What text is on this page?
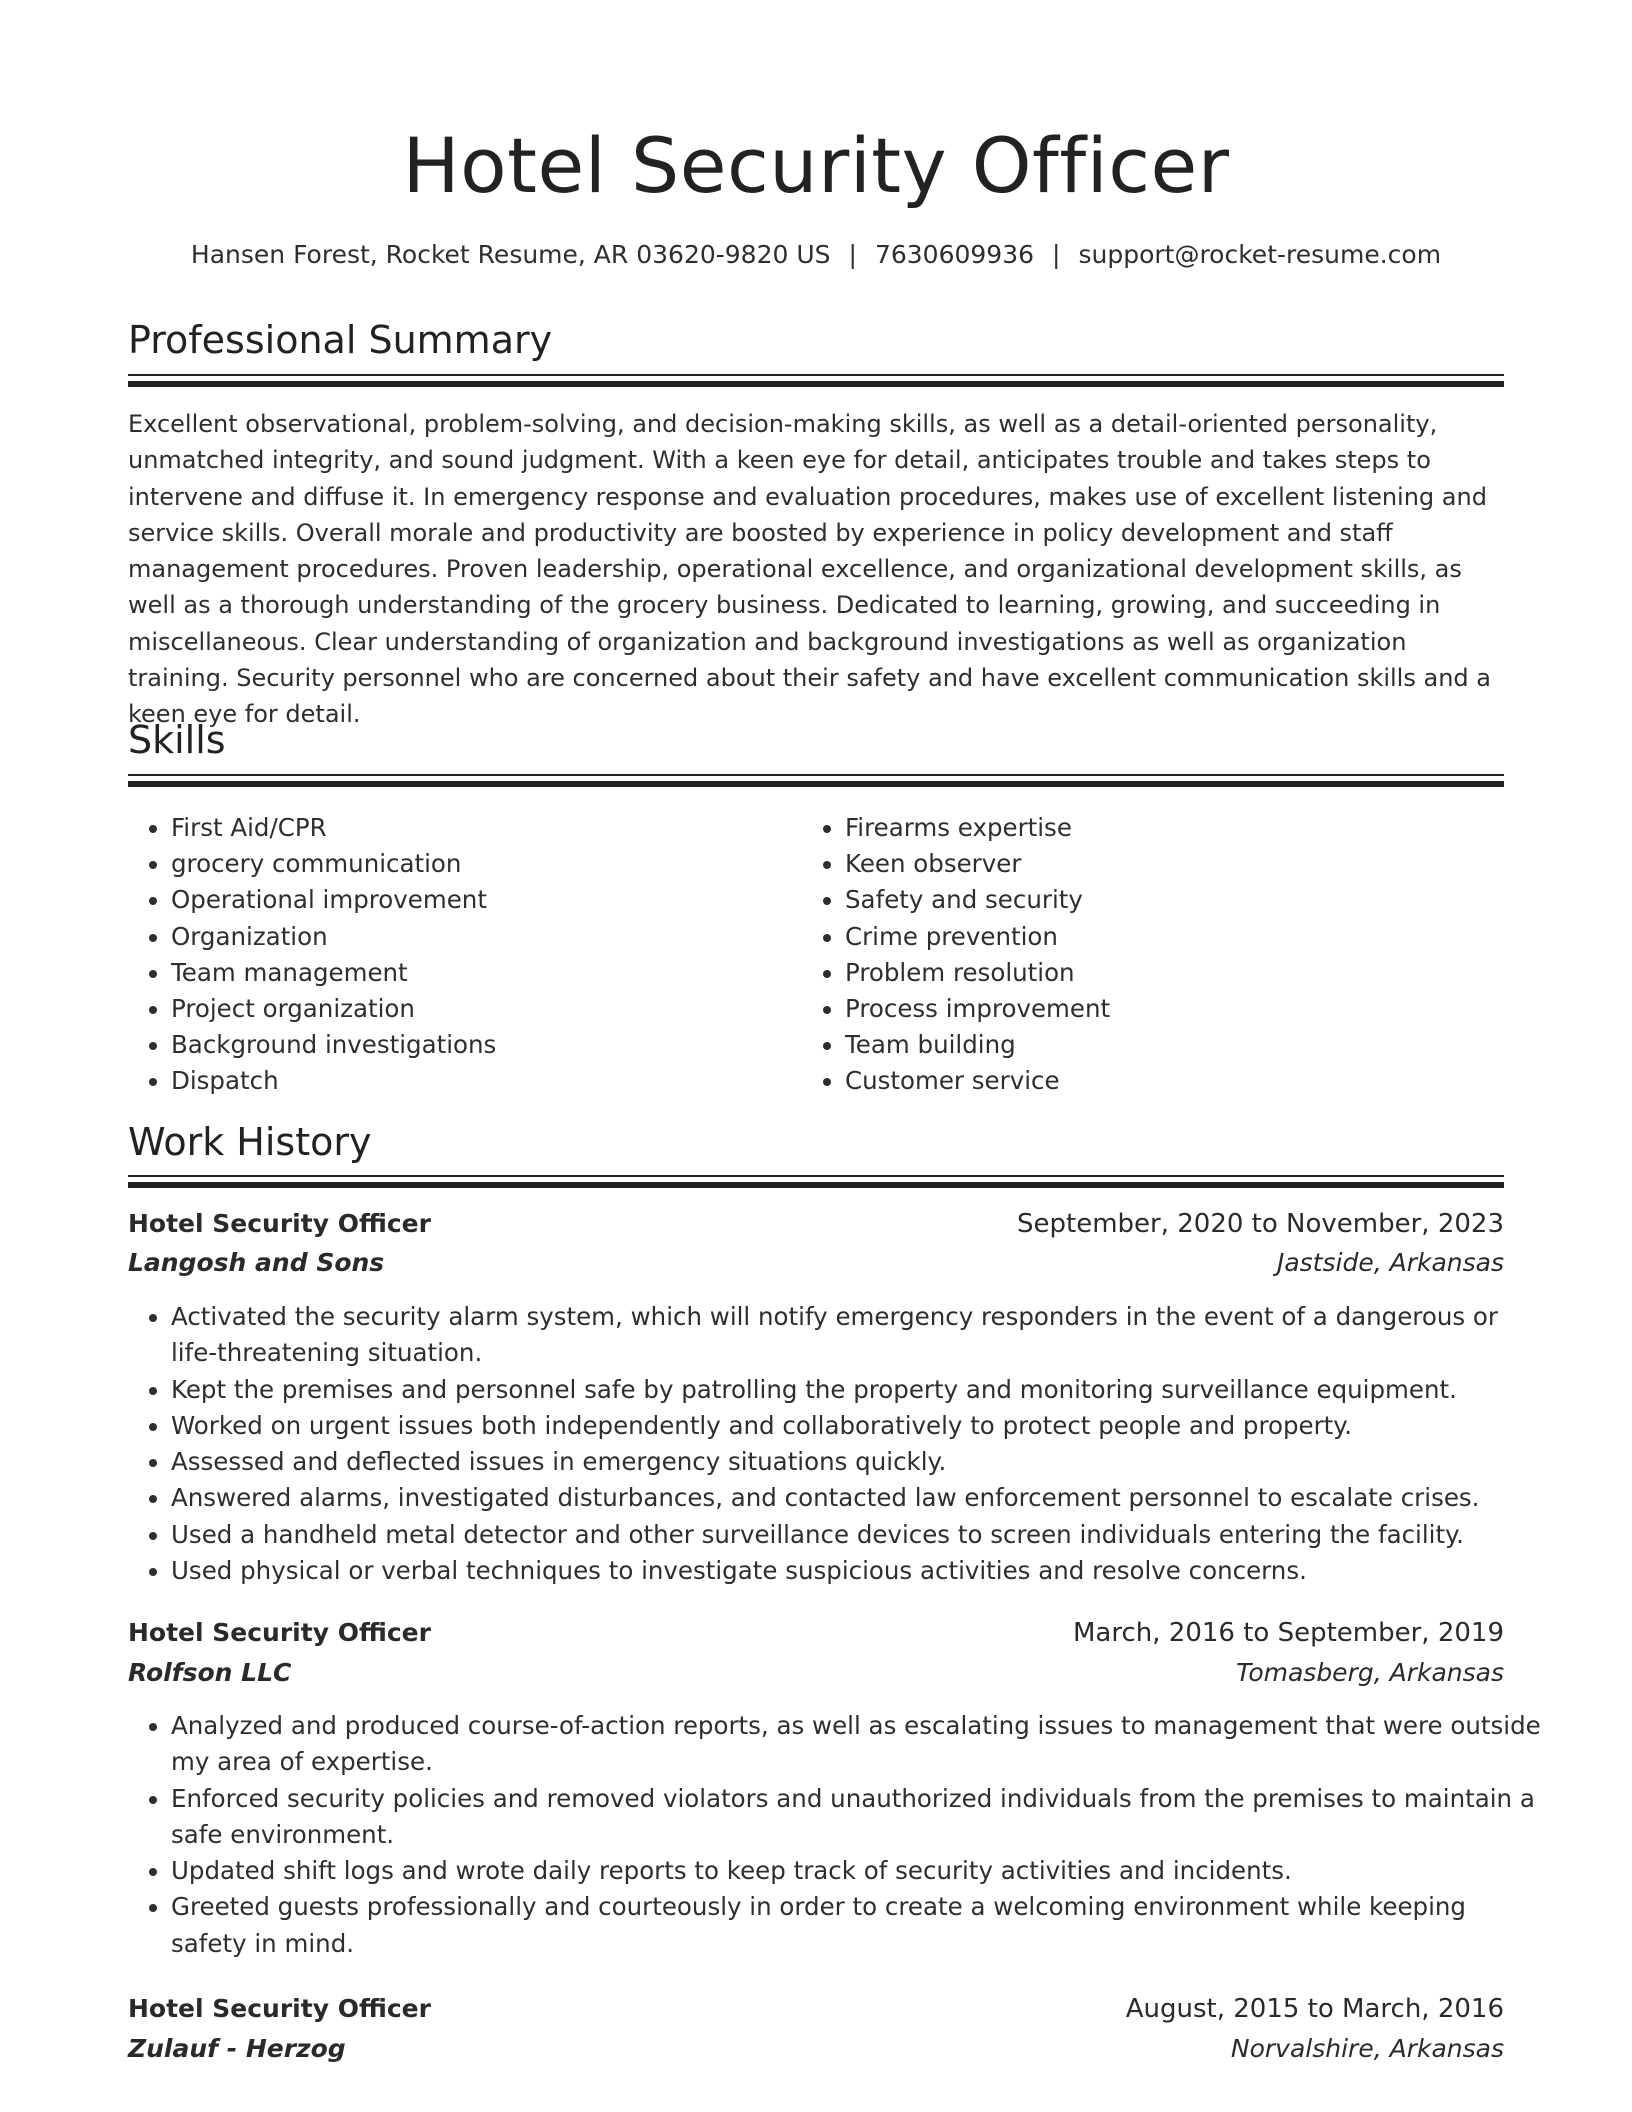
Hotel Security Officer
Hansen Forest, Rocket Resume, AR 03620-9820 US | 7630609936 | support@rocket-resume.com
Professional Summary
Excellent observational, problem-solving, and decision-making skills, as well as a detail-oriented personality, unmatched integrity, and sound judgment. With a keen eye for detail, anticipates trouble and takes steps to intervene and diffuse it. In emergency response and evaluation procedures, makes use of excellent listening and service skills. Overall morale and productivity are boosted by experience in policy development and staff management procedures. Proven leadership, operational excellence, and organizational development skills, as well as a thorough understanding of the grocery business. Dedicated to learning, growing, and succeeding in miscellaneous. Clear understanding of organization and background investigations as well as organization training. Security personnel who are concerned about their safety and have excellent communication skills and a keen eye for detail.
Skills
• First Aid/CPR
• grocery communication
• Operational improvement
• Organization
• Team management
• Project organization
• Background investigations
• Dispatch
• Firearms expertise
• Keen observer
• Safety and security
• Crime prevention
• Problem resolution
• Process improvement
• Team building
• Customer service
Work History
Hotel Security Officer	September, 2020 to November, 2023
Langosh and Sons	Jastside, Arkansas
• Activated the security alarm system, which will notify emergency responders in the event of a dangerous or life-threatening situation.
• Kept the premises and personnel safe by patrolling the property and monitoring surveillance equipment.
• Worked on urgent issues both independently and collaboratively to protect people and property.
• Assessed and deflected issues in emergency situations quickly.
• Answered alarms, investigated disturbances, and contacted law enforcement personnel to escalate crises.
• Used a handheld metal detector and other surveillance devices to screen individuals entering the facility.
• Used physical or verbal techniques to investigate suspicious activities and resolve concerns.
Hotel Security Officer	March, 2016 to September, 2019
Rolfson LLC	Tomasberg, Arkansas
• Analyzed and produced course-of-action reports, as well as escalating issues to management that were outside my area of expertise.
• Enforced security policies and removed violators and unauthorized individuals from the premises to maintain a safe environment.
• Updated shift logs and wrote daily reports to keep track of security activities and incidents.
• Greeted guests professionally and courteously in order to create a welcoming environment while keeping safety in mind.
Hotel Security Officer	August, 2015 to March, 2016
Zulauf - Herzog	Norvalshire, Arkansas
